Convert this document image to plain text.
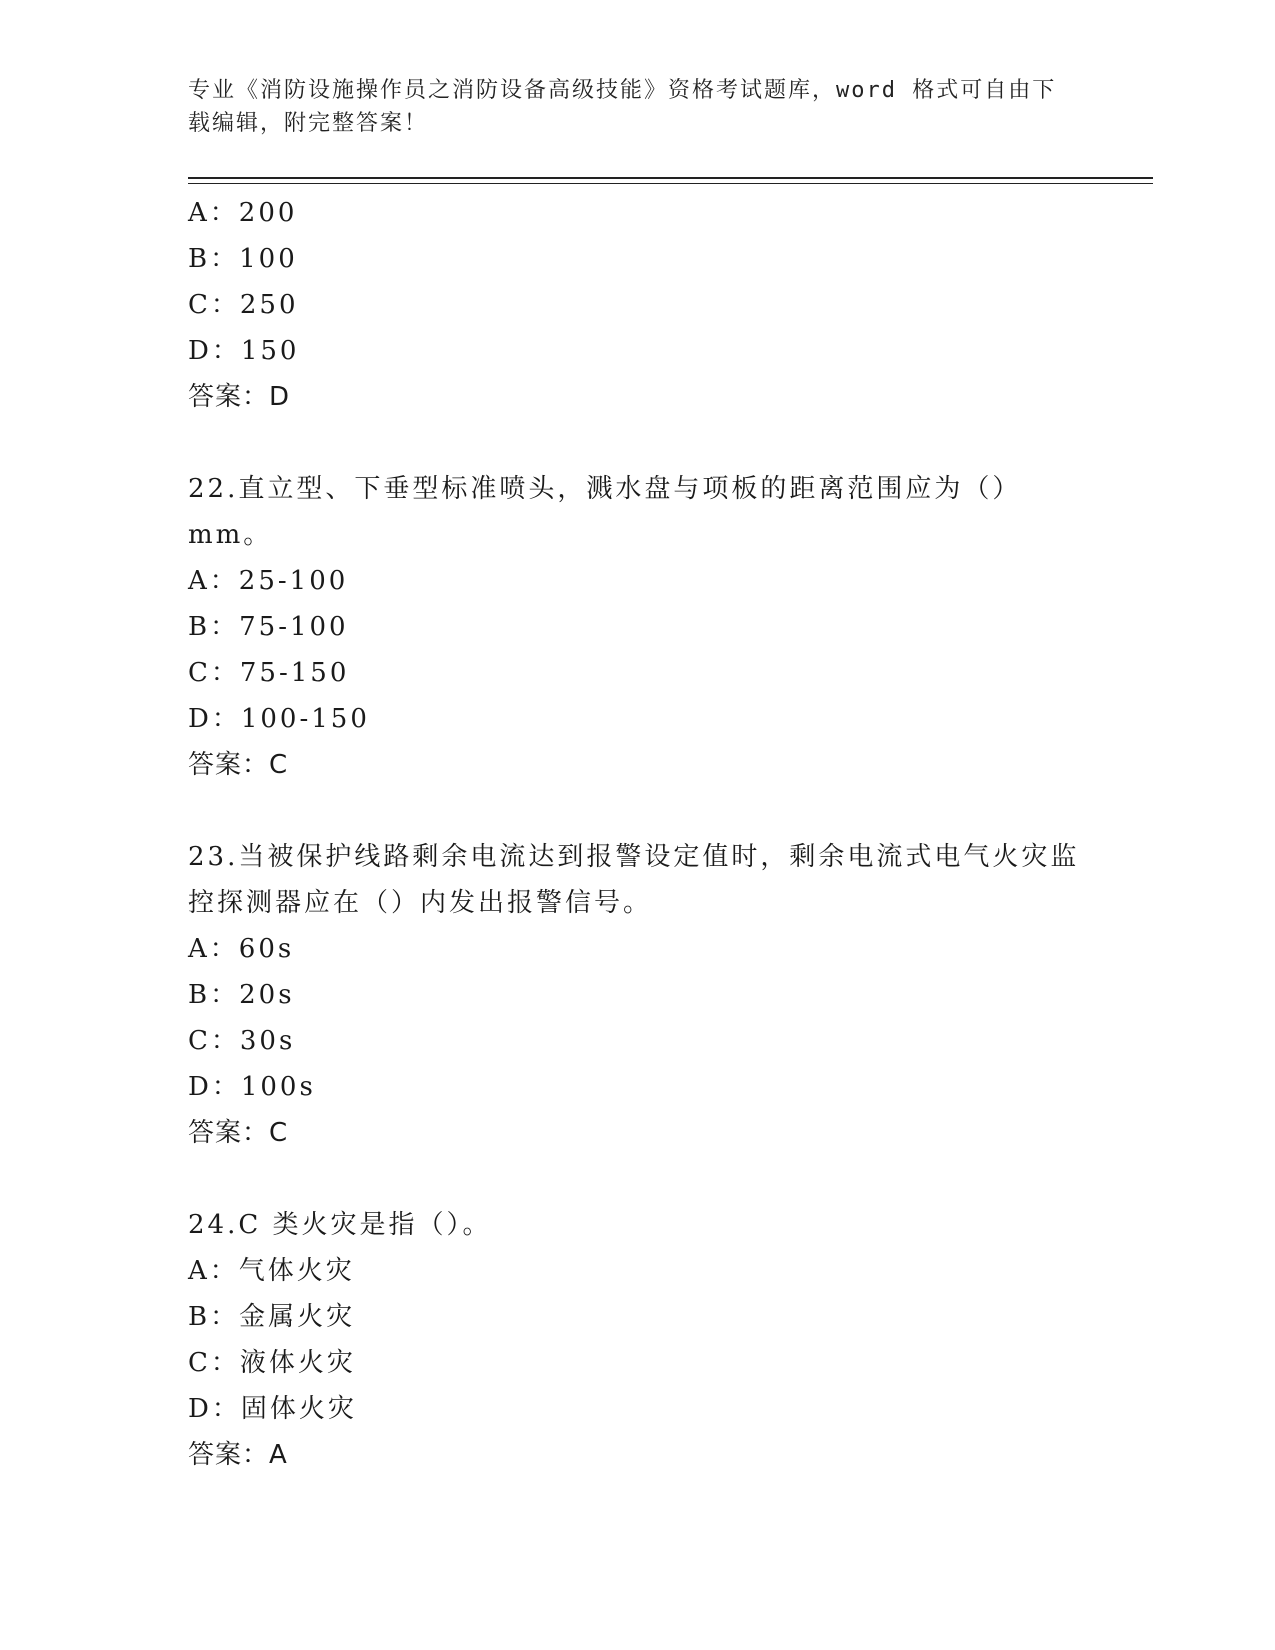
专业《消防设施操作员之消防设备高级技能》资格考试题库，word 格式可自由下
载编辑，附完整答案！
A：200
B：100
C：250
D：150
答案：D
22.直立型、下垂型标准喷头，溅水盘与项板的距离范围应为（）mm。
A：25-100
B：75-100
C：75-150
D：100-150
答案：C
23.当被保护线路剩余电流达到报警设定值时，剩余电流式电气火灾监
控探测器应在（）内发出报警信号。
A：60s
B：20s
C：30s
D：100s
答案：C
24.C 类火灾是指（）。
A：气体火灾
B：金属火灾
C：液体火灾
D：固体火灾
答案：A
